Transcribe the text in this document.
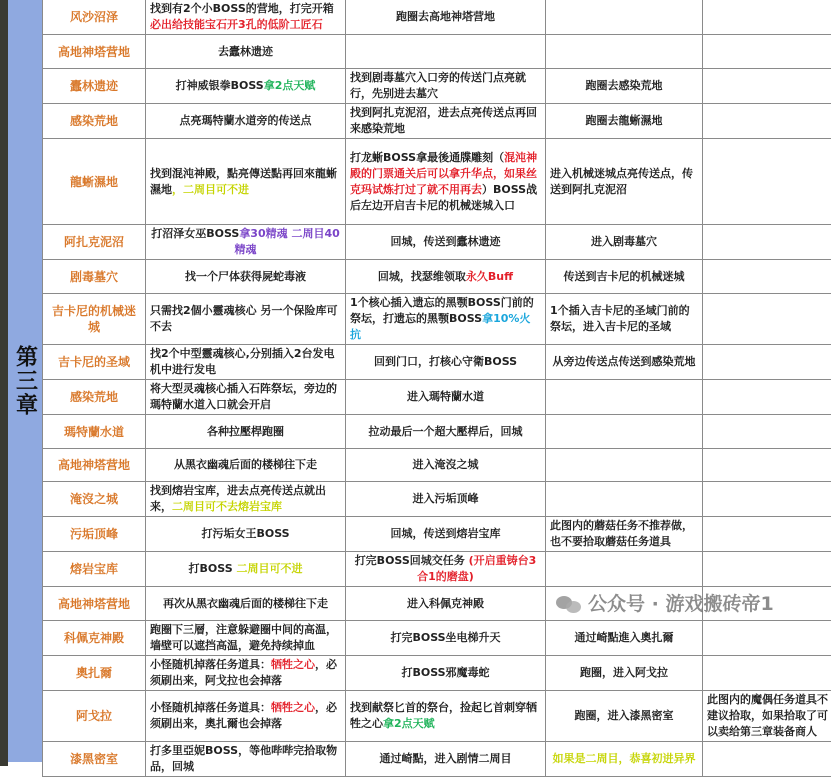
第三章
风沙沼泽	找到有2个小BOSS的营地，打完开箱必出给技能宝石开3孔的低阶工匠石	跑圈去高地神塔营地		
高地神塔营地	去蠹林遗迹			
蠹林遗迹	打神威银拳BOSS拿2点天赋	找到剧毒墓穴入口旁的传送门点亮就行，先别进去墓穴	跑圈去感染荒地	
感染荒地	点亮瑪特蘭水道旁的传送点	找到阿扎克泥沼，进去点亮传送点再回来感染荒地	跑圈去龍蜥濕地	
龍蜥濕地	找到混沌神殿，點亮傳送點再回來龍蜥濕地，二周目可不进	打龙蜥BOSS拿最後通牒雕刻（混沌神殿的门票通关后可以拿升华点，如果丝克玛试炼打过了就不用再去）BOSS战后左边开启吉卡尼的机械迷城入口	进入机械迷城点亮传送点，传送到阿扎克泥沼	
阿扎克泥沼	打沼泽女巫BOSS拿30精魂 二周目40精魂	回城，传送到蠹林遗迹	进入剧毒墓穴	
剧毒墓穴	找一个尸体获得屍蛇毒液	回城，找瑟维领取永久Buff	传送到吉卡尼的机械迷城	
吉卡尼的机械迷城	只需找2個小靈魂核心 另一个保险库可不去	1个核心插入遗忘的黑颚BOSS门前的祭坛，打遗忘的黑颚BOSS拿10%火抗	1个插入吉卡尼的圣域门前的祭坛，进入吉卡尼的圣域	
吉卡尼的圣域	找2个中型靈魂核心,分别插入2台发电机中进行发电	回到门口，打核心守衛BOSS	从旁边传送点传送到感染荒地	
感染荒地	将大型灵魂核心插入石阵祭坛，旁边的瑪特蘭水道入口就会开启	进入瑪特蘭水道		
瑪特蘭水道	各种拉壓桿跑圈	拉动最后一个超大壓桿后，回城		
高地神塔营地	从黑衣幽魂后面的楼梯往下走	进入淹沒之城		
淹沒之城	找到熔岩宝库，进去点亮传送点就出来，二周目可不去熔岩宝库	进入污垢顶峰		
污垢顶峰	打污垢女王BOSS	回城，传送到熔岩宝库	此图内的蘑菇任务不推荐做，也不要拾取蘑菇任务道具	
熔岩宝库	打BOSS 二周目可不进	打完BOSS回城交任务 (开启重铸台3合1的磨盘)		
高地神塔营地	再次从黑衣幽魂后面的楼梯往下走	进入科佩克神殿	公众号 · 游戏搬砖帝1	

科佩克神殿	跑圈下三層，注意躲避圈中间的高温，墙壁可以遮挡高温，避免持续掉血	打完BOSS坐电梯升天	通过崎點進入奧扎爾	
奧扎爾	小怪随机掉落任务道具：牺牲之心，必须刷出来，阿戈拉也会掉落	打BOSS邪魔毒蛇	跑圈，进入阿戈拉	
阿戈拉	小怪随机掉落任务道具：牺牲之心，必须刷出来，奧扎爾也会掉落	找到献祭匕首的祭台，捡起匕首刺穿牺牲之心拿2点天赋	跑圈，进入漆黑密室	此图内的魔偶任务道具不建议拾取，如果拾取了可以卖给第三章装备商人
漆黑密室	打多里亞妮BOSS，等他哔哔完拾取物品，回城	通过崎點，进入剧情二周目	如果是二周目，恭喜初进异界	
